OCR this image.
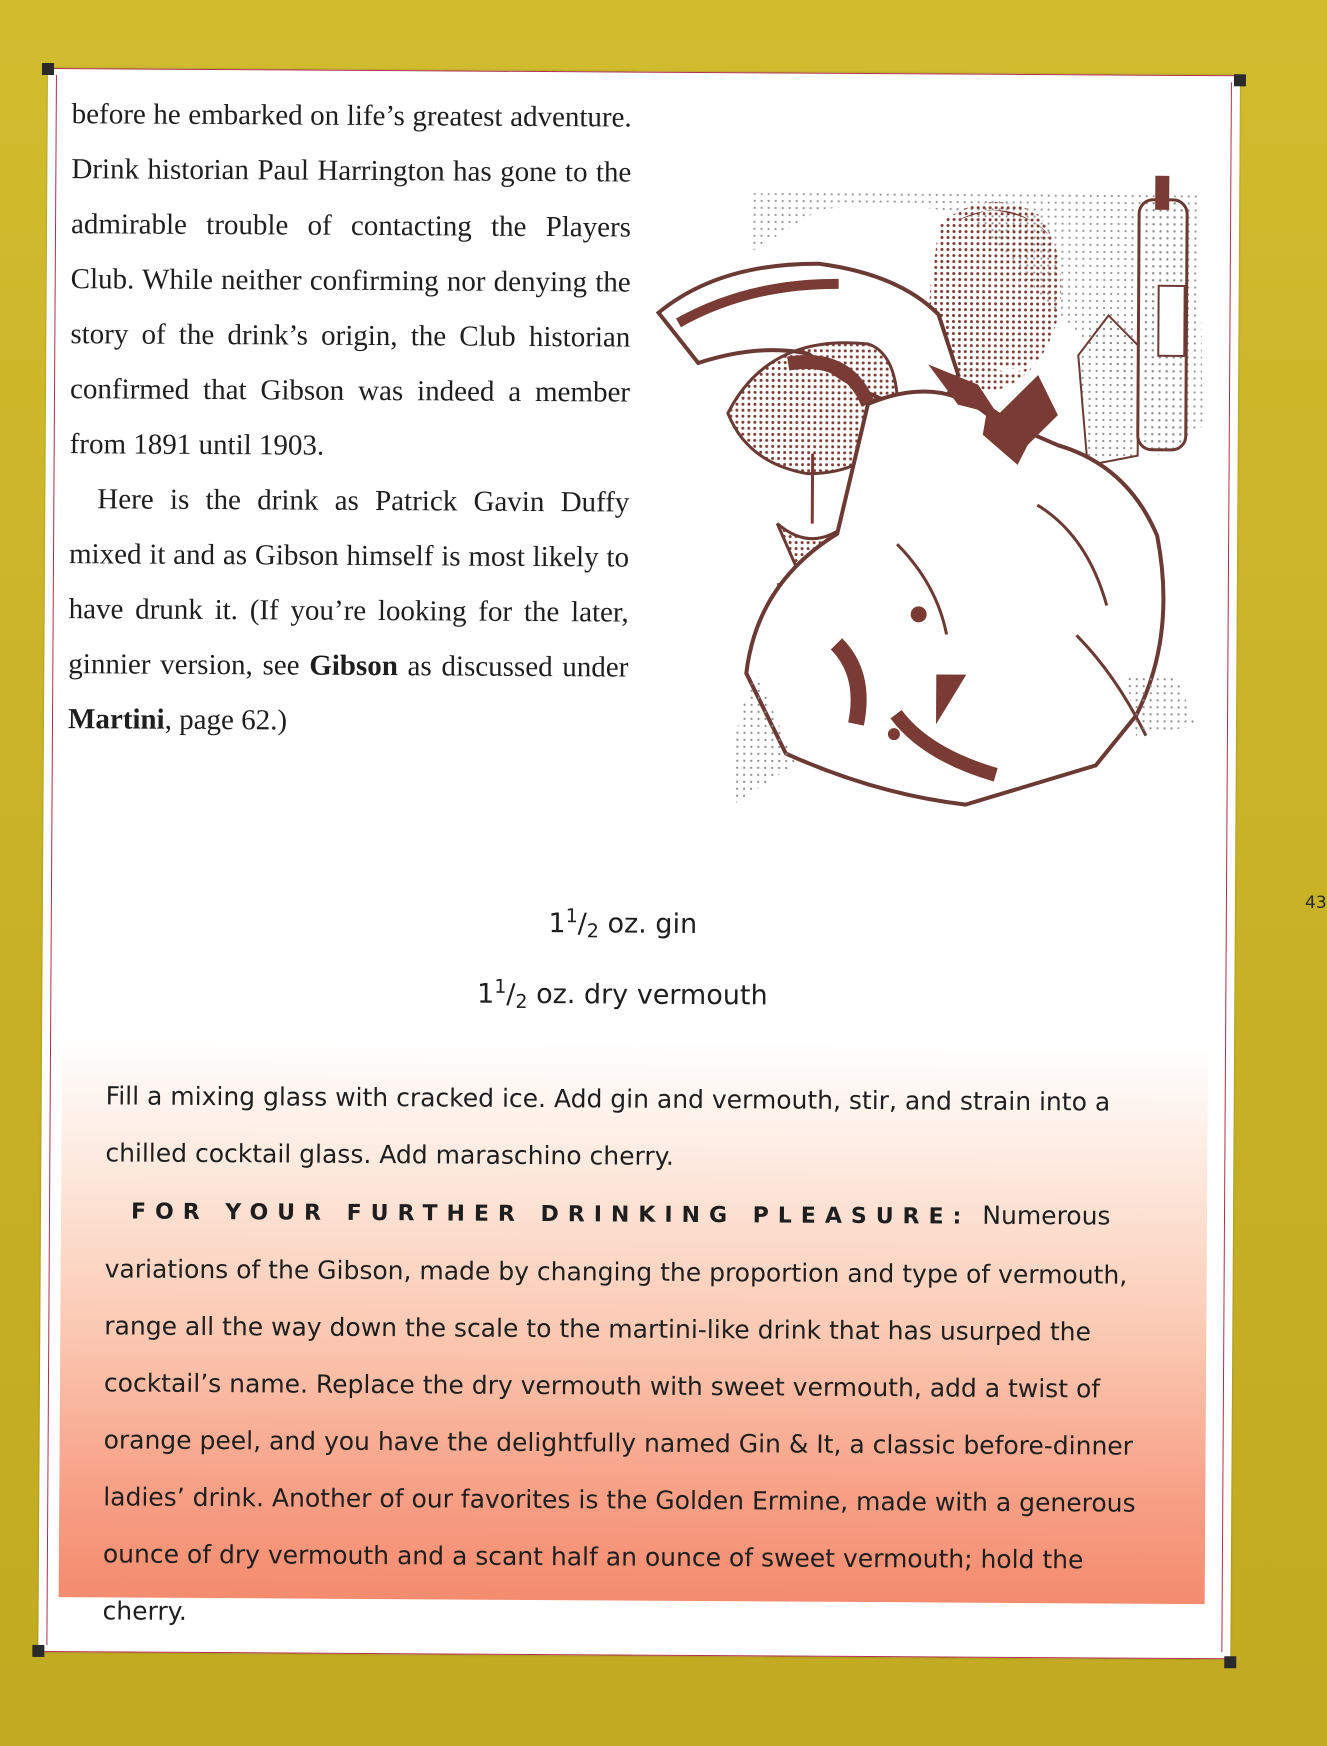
before he embarked on life’s greatest adventure. Drink historian Paul Harrington has gone to the admirable trouble of contacting the Players Club. While neither confirming nor denying the story of the drink’s origin, the Club historian confirmed that Gibson was indeed a member from 1891 until 1903.

Here is the drink as Patrick Gavin Duffy mixed it and as Gibson himself is most likely to have drunk it. (If you’re looking for the later, ginnier version, see Gibson as discussed under Martini, page 62.)

$1^1/_2$ oz. gin
$1^1/_2$ oz. dry vermouth

Fill a mixing glass with cracked ice. Add gin and vermouth, stir, and strain into a chilled cocktail glass. Add maraschino cherry.

FOR YOUR FURTHER DRINKING PLEASURE: Numerous variations of the Gibson, made by changing the proportion and type of vermouth, range all the way down the scale to the martini-like drink that has usurped the cocktail’s name. Replace the dry vermouth with sweet vermouth, add a twist of orange peel, and you have the delightfully named Gin & It, a classic before-dinner ladies’ drink. Another of our favorites is the Golden Ermine, made with a generous ounce of dry vermouth and a scant half an ounce of sweet vermouth; hold the cherry.

43
